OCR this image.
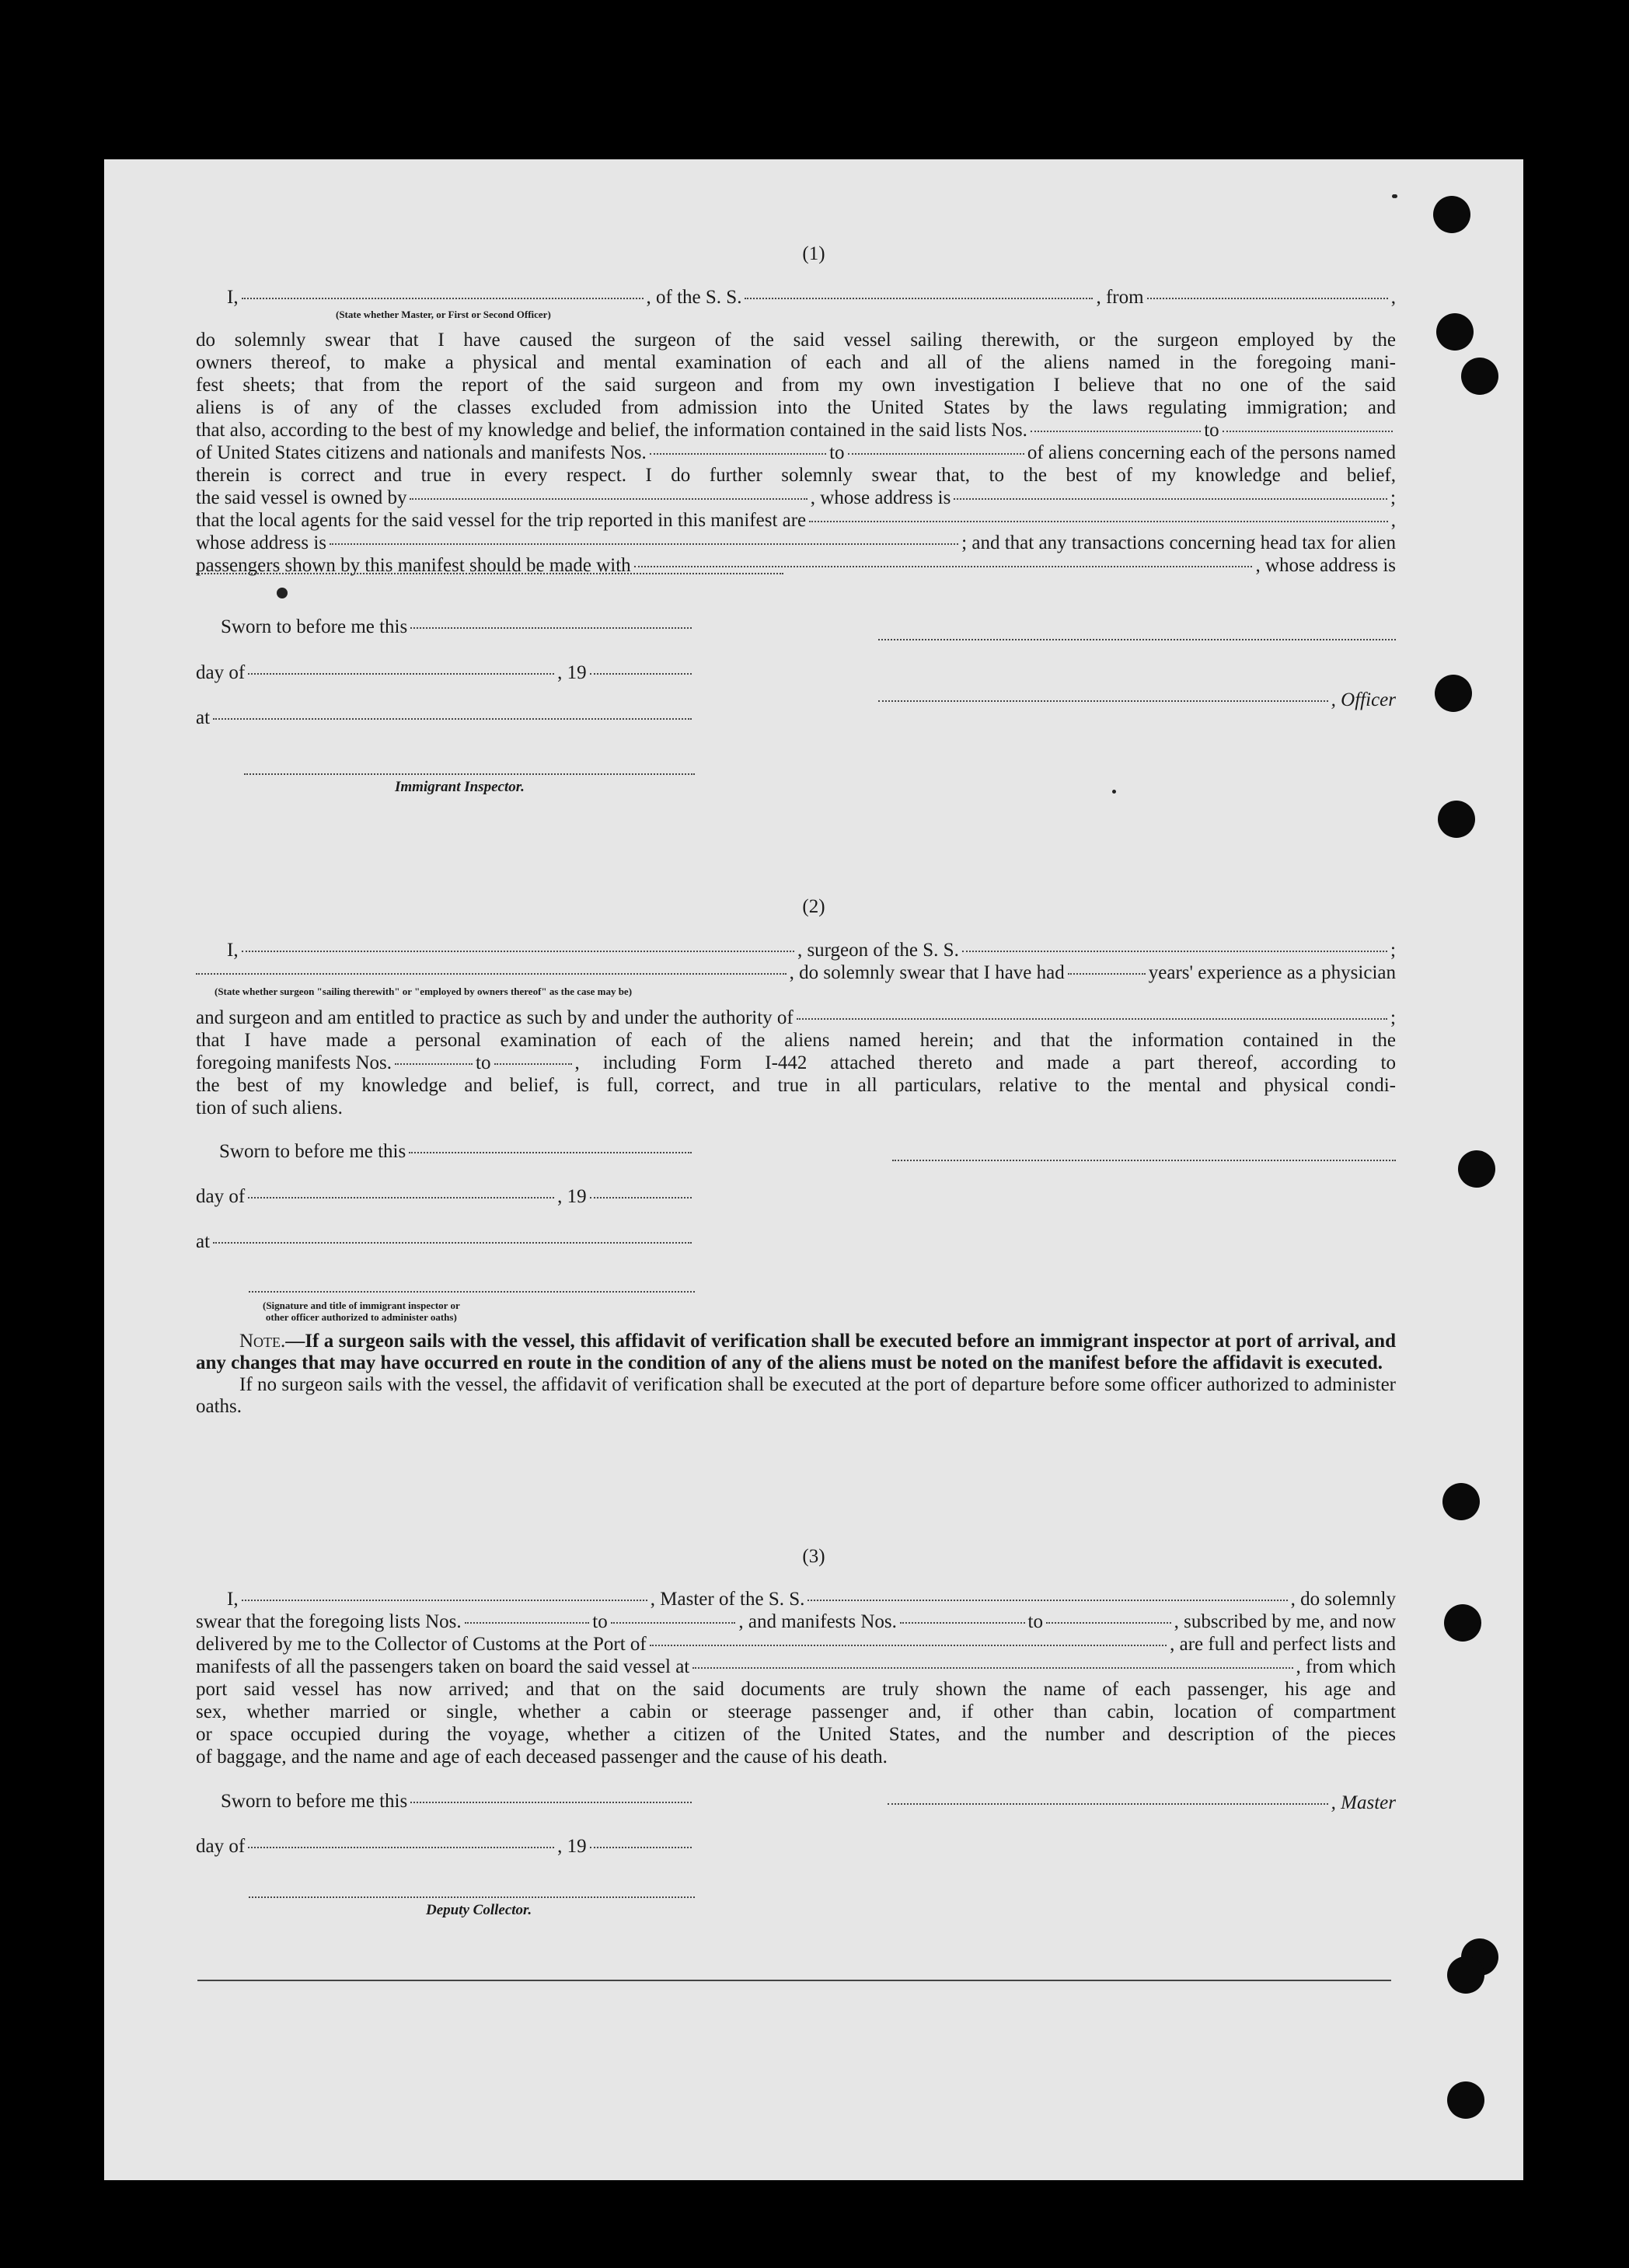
(1)
I,	, of the S. S.	, from	,
(State whether Master, or First or Second Officer)

do solemnly swear that I have caused the surgeon of the said vessel sailing therewith, or the surgeon employed by the

owners thereof, to make a physical and mental examination of each and all of the aliens named in the foregoing mani-

fest sheets; that from the report of the said surgeon and from my own investigation I believe that no one of the said

aliens is of any of the classes excluded from admission into the United States by the laws regulating immigration; and

that also, according to the best of my knowledge and belief, the information contained in the said lists Nos.	to
of United States citizens and nationals and manifests Nos.	to	of aliens concerning each of the persons named

therein is correct and true in every respect. I do further solemnly swear that, to the best of my knowledge and belief,

the said vessel is owned by	, whose address is	;
that the local agents for the said vessel for the trip reported in this manifest are	,
whose address is	; and that any transactions concerning head tax for alien
passengers shown by this manifest should be made with	, whose address is
Sworn to before me this
day of	, 19
at
Immigrant Inspector.
, Officer
(2)
I,	, surgeon of the S. S.	;
, do solemnly swear that I have had	years' experience as a physician
(State whether surgeon "sailing therewith" or "employed by owners thereof" as the case may be)
and surgeon and am entitled to practice as such by and under the authority of	;

that I have made a personal examination of each of the aliens named herein; and that the information contained in the

foregoing manifests Nos.	to	, including Form I-442 attached thereto and made a part thereof, according to

the best of my knowledge and belief, is full, correct, and true in all particulars, relative to the mental and physical condi-

tion of such aliens.

Sworn to before me this
day of	, 19
at
(Signature and title of immigrant inspector or
other officer authorized to administer oaths)

Note.—If a surgeon sails with the vessel, this affidavit of verification shall be executed before an immigrant inspector at port of arrival, and any changes that may have occurred en route in the condition of any of the aliens must be noted on the manifest before the affidavit is executed.

If no surgeon sails with the vessel, the affidavit of verification shall be executed at the port of departure before some officer authorized to administer oaths.

(3)
I,	, Master of the S. S.	, do solemnly
swear that the foregoing lists Nos.	to	, and manifests Nos.	to	, subscribed by me, and now
delivered by me to the Collector of Customs at the Port of	, are full and perfect lists and
manifests of all the passengers taken on board the said vessel at	, from which

port said vessel has now arrived; and that on the said documents are truly shown the name of each passenger, his age and

sex, whether married or single, whether a cabin or steerage passenger and, if other than cabin, location of compartment

or space occupied during the voyage, whether a citizen of the United States, and the number and description of the pieces

of baggage, and the name and age of each deceased passenger and the cause of his death.

Sworn to before me this
day of	, 19
Deputy Collector.
, Master
